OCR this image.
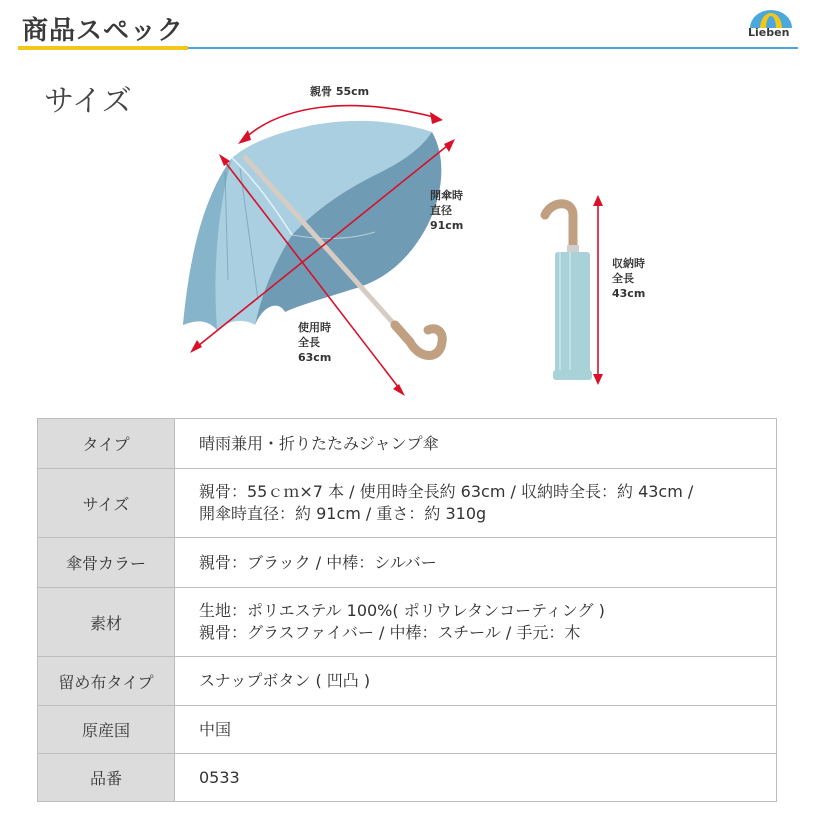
商品スペック	Lieben
サイズ	親骨 55cm
開傘時
直径
91cm
使用時
全長
63cm
収納時
全長
43cm
タイプ	晴雨兼用・折りたたみジャンプ傘

サイズ	親骨：55ｃｍ×7 本 / 使用時全長約 63cm / 収納時全長：約 43cm /
開傘時直径：約 91cm / 重さ：約 310g

傘骨カラー	親骨：ブラック / 中棒：シルバー

素材	生地：ポリエステル 100%( ポリウレタンコーティング )
親骨：グラスファイバー / 中棒：スチール / 手元：木

留め布タイプ	スナップボタン ( 凹凸 )

原産国	中国

品番	0533
